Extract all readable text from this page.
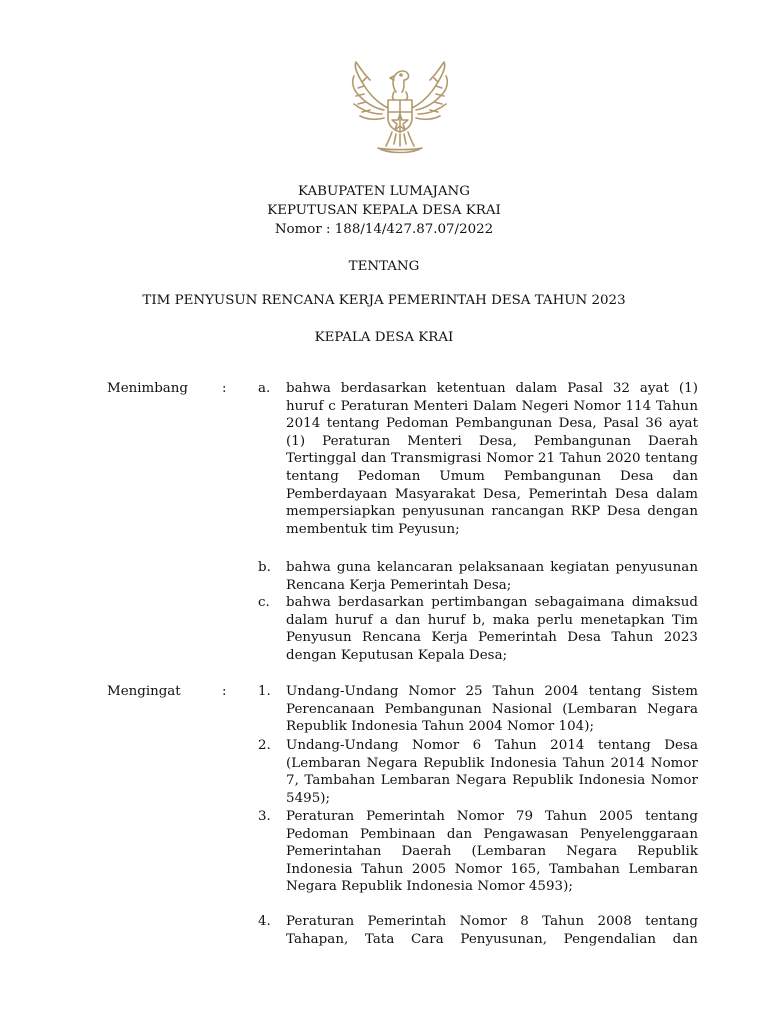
KABUPATEN LUMAJANG
KEPUTUSAN KEPALA DESA KRAI
Nomor : 188/14/427.87.07/2022
TENTANG
TIM PENYUSUN RENCANA KERJA PEMERINTAH DESA TAHUN 2023
KEPALA DESA KRAI
Menimbang	: a. bahwa berdasarkan ketentuan dalam Pasal 32 ayat (1) huruf c Peraturan Menteri Dalam Negeri Nomor 114 Tahun 2014 tentang Pedoman Pembangunan Desa, Pasal 36 ayat (1) Peraturan Menteri Desa, Pembangunan Daerah Tertinggal dan Transmigrasi Nomor 21 Tahun 2020 tentang tentang Pedoman Umum Pembangunan Desa dan Pemberdayaan Masyarakat Desa, Pemerintah Desa dalam mempersiapkan penyusunan rancangan RKP Desa dengan membentuk tim Peyusun;
b. bahwa guna kelancaran pelaksanaan kegiatan penyusunan Rencana Kerja Pemerintah Desa;
c. bahwa berdasarkan pertimbangan sebagaimana dimaksud dalam huruf a dan huruf b, maka perlu menetapkan Tim Penyusun Rencana Kerja Pemerintah Desa Tahun 2023 dengan Keputusan Kepala Desa;
Mengingat	: 1. Undang-Undang Nomor 25 Tahun 2004 tentang Sistem Perencanaan Pembangunan Nasional (Lembaran Negara Republik Indonesia Tahun 2004 Nomor 104);
2. Undang-Undang Nomor 6 Tahun 2014 tentang Desa (Lembaran Negara Republik Indonesia Tahun 2014 Nomor 7, Tambahan Lembaran Negara Republik Indonesia Nomor 5495);
3. Peraturan Pemerintah Nomor 79 Tahun 2005 tentang Pedoman Pembinaan dan Pengawasan Penyelenggaraan Pemerintahan Daerah (Lembaran Negara Republik Indonesia Tahun 2005 Nomor 165, Tambahan Lembaran Negara Republik Indonesia Nomor 4593);
4. Peraturan Pemerintah Nomor 8 Tahun 2008 tentang Tahapan, Tata Cara Penyusunan, Pengendalian dan
